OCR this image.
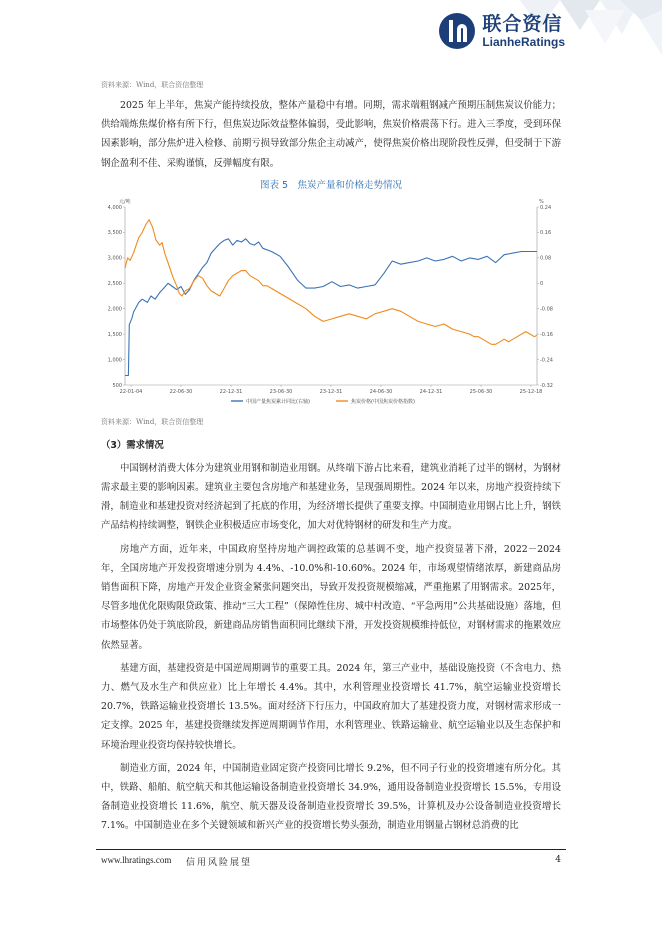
联合资信
LianheRatings
资料来源：Wind，联合资信整理

2025 年上半年，焦炭产能持续投放，整体产量稳中有增。同期，需求端粗钢减产预期压制焦炭议价能力；供给端炼焦煤价格有所下行，但焦炭边际效益整体偏弱，受此影响，焦炭价格震荡下行。进入三季度，受到环保因素影响，部分焦炉进入检修、前期亏损导致部分焦企主动减产，使得焦炭价格出现阶段性反弹，但受制于下游钢企盈利不佳、采购谨慎，反弹幅度有限。

图表 5　焦炭产量和价格走势情况
元/吨	%
500
1,000
1,500
2,000
2,500
3,000
3,500
4,000
-0.32
-0.24
-0.16
-0.08
0
0.08
0.16
0.24
22-01-04	22-06-30	22-12-31	23-06-30	23-12-31	24-06-30	24-12-31	25-06-30	25-12-18
中国产量焦炭累计同比(右轴)	焦炭价格(中国焦炭价格指数)
资料来源：Wind，联合资信整理
（3）需求情况

中国钢材消费大体分为建筑业用钢和制造业用钢。从终端下游占比来看，建筑业消耗了过半的钢材，为钢材需求最主要的影响因素。建筑业主要包含房地产和基建业务，呈现强周期性。2024 年以来，房地产投资持续下滑，制造业和基建投资对经济起到了托底的作用，为经济增长提供了重要支撑。中国制造业用钢占比上升，钢铁产品结构持续调整，钢铁企业积极适应市场变化，加大对优特钢材的研发和生产力度。

房地产方面，近年来，中国政府坚持房地产调控政策的总基调不变，地产投资显著下滑，2022－2024年，全国房地产开发投资增速分别为 4.4%、-10.0%和-10.60%。2024 年，市场观望情绪浓厚，新建商品房销售面积下降，房地产开发企业资金紧张问题突出，导致开发投资规模缩减，严重拖累了用钢需求。2025年，尽管多地优化限购限贷政策、推动“三大工程”（保障性住房、城中村改造、“平急两用”公共基础设施）落地，但市场整体仍处于筑底阶段，新建商品房销售面积同比继续下滑，开发投资规模维持低位，对钢材需求的拖累效应依然显著。

基建方面，基建投资是中国逆周期调节的重要工具。2024 年，第三产业中，基础设施投资（不含电力、热力、燃气及水生产和供应业）比上年增长 4.4%。其中，水利管理业投资增长 41.7%，航空运输业投资增长 20.7%，铁路运输业投资增长 13.5%。面对经济下行压力，中国政府加大了基建投资力度，对钢材需求形成一定支撑。2025 年，基建投资继续发挥逆周期调节作用，水利管理业、铁路运输业、航空运输业以及生态保护和环境治理业投资均保持较快增长。

制造业方面，2024 年，中国制造业固定资产投资同比增长 9.2%，但不同子行业的投资增速有所分化。其中，铁路、船舶、航空航天和其他运输设备制造业投资增长 34.9%，通用设备制造业投资增长 15.5%，专用设备制造业投资增长 11.6%，航空、航天器及设备制造业投资增长 39.5%，计算机及办公设备制造业投资增长 7.1%。中国制造业在多个关键领域和新兴产业的投资增长势头强劲，制造业用钢量占钢材总消费的比

www.lhratings.com 信用风险展望	4
